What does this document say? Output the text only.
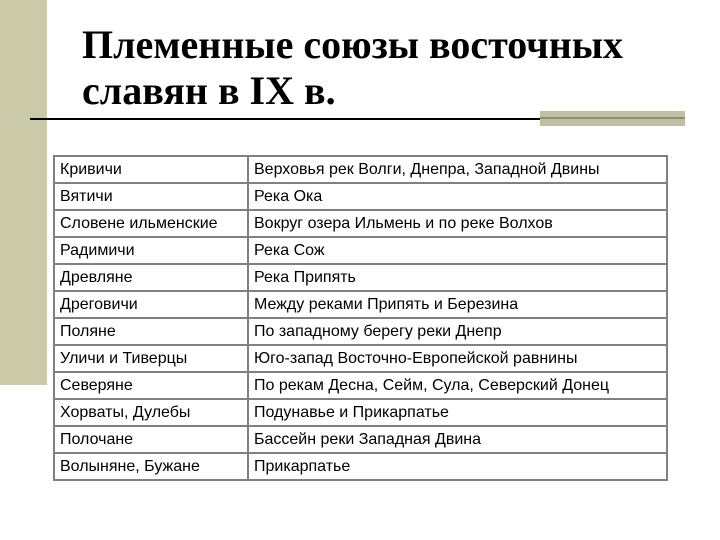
Племенные союзы восточных
славян в IX в.
Кривичи	Верховья рек Волги, Днепра, Западной Двины
Вятичи	Река Ока
Словене ильменские	Вокруг озера Ильмень и по реке Волхов
Радимичи	Река Сож
Древляне	Река Припять
Дреговичи	Между реками Припять и Березина
Поляне	По западному берегу реки Днепр
Уличи и Тиверцы	Юго-запад Восточно-Европейской равнины
Северяне	По рекам Десна, Сейм, Сула, Северский Донец
Хорваты, Дулебы	Подунавье и Прикарпатье
Полочане	Бассейн реки Западная Двина
Волыняне, Бужане	Прикарпатье
